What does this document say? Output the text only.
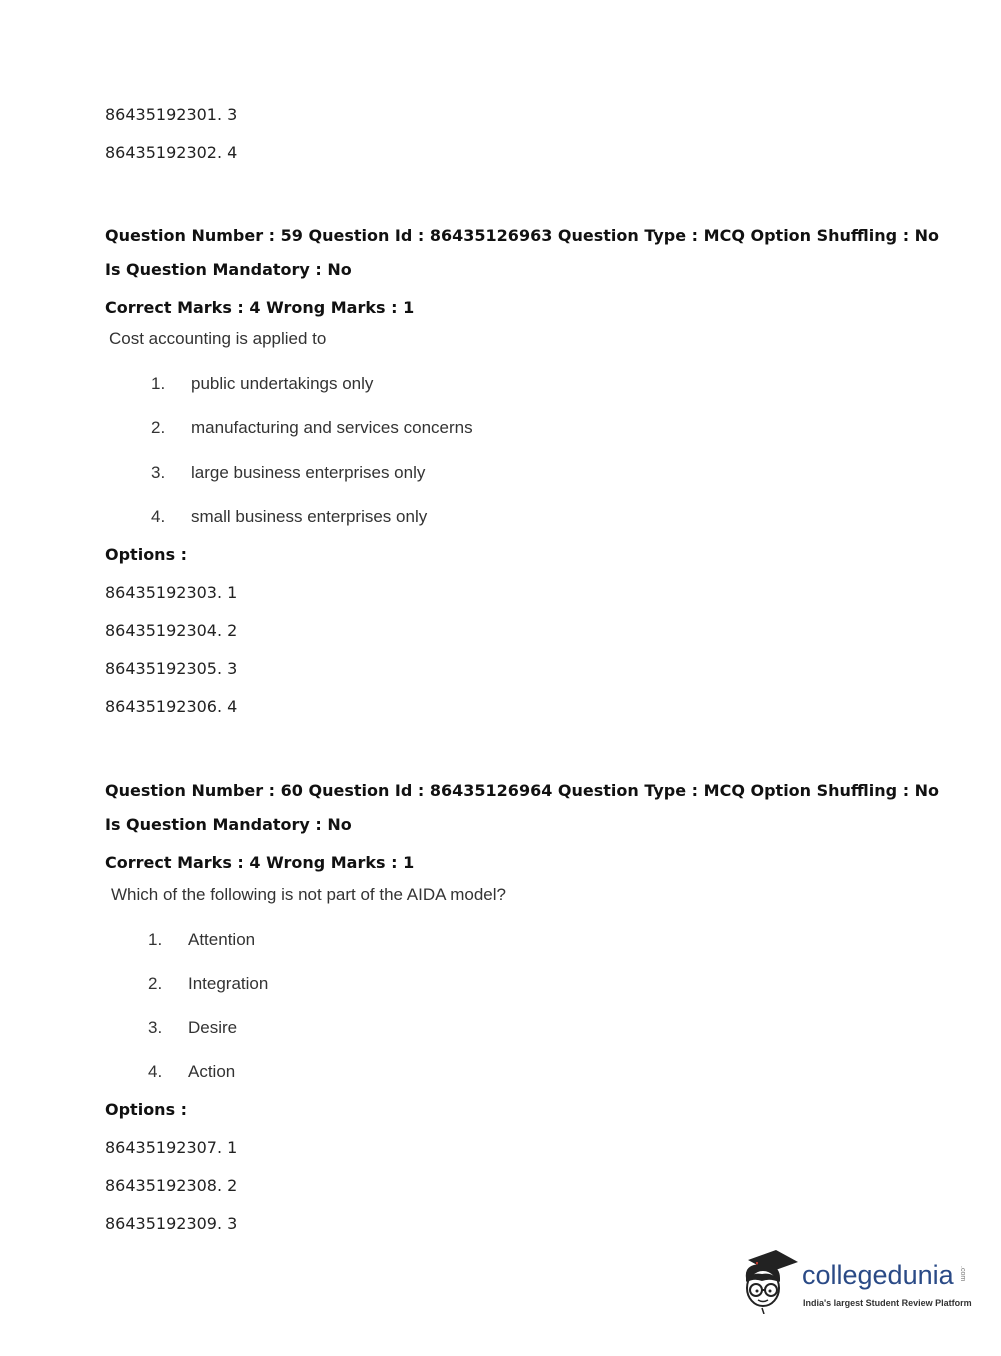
86435192301. 3
86435192302. 4
Question Number : 59 Question Id : 86435126963 Question Type : MCQ Option Shuffling : No
Is Question Mandatory : No
Correct Marks : 4 Wrong Marks : 1
Cost accounting is applied to
1. public undertakings only
2. manufacturing and services concerns
3. large business enterprises only
4. small business enterprises only
Options :
86435192303. 1
86435192304. 2
86435192305. 3
86435192306. 4
Question Number : 60 Question Id : 86435126964 Question Type : MCQ Option Shuffling : No
Is Question Mandatory : No
Correct Marks : 4 Wrong Marks : 1
Which of the following is not part of the AIDA model?
1. Attention
2. Integration
3. Desire
4. Action
Options :
86435192307. 1
86435192308. 2
86435192309. 3
collegedunia .com
India's largest Student Review Platform
